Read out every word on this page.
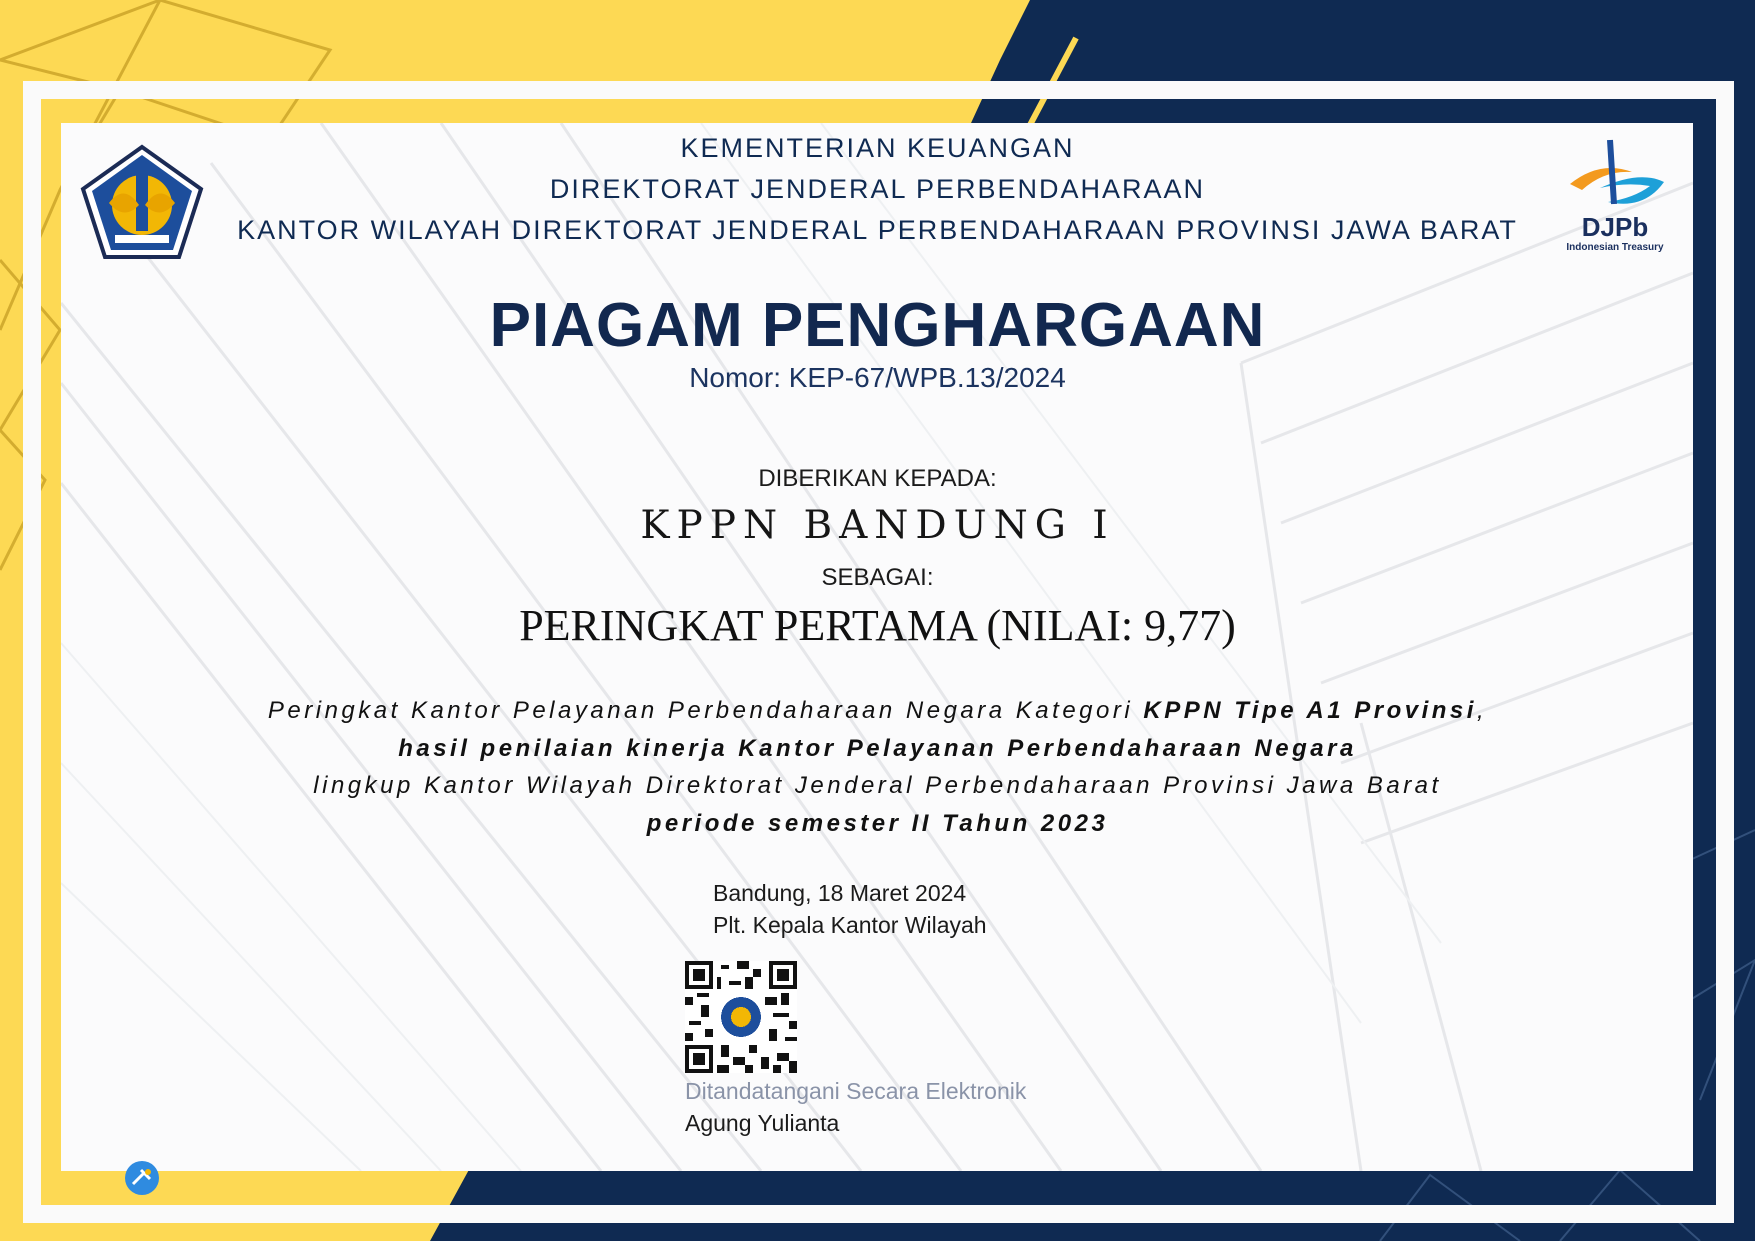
DJPb
Indonesian Treasury
KEMENTERIAN KEUANGAN
DIREKTORAT JENDERAL PERBENDAHARAAN
KANTOR WILAYAH DIREKTORAT JENDERAL PERBENDAHARAAN PROVINSI JAWA BARAT
PIAGAM PENGHARGAAN
Nomor: KEP-67/WPB.13/2024
DIBERIKAN KEPADA:
KPPN BANDUNG I
SEBAGAI:
PERINGKAT PERTAMA (NILAI: 9,77)
Peringkat Kantor Pelayanan Perbendaharaan Negara Kategori KPPN Tipe A1 Provinsi,
hasil penilaian kinerja Kantor Pelayanan Perbendaharaan Negara
lingkup Kantor Wilayah Direktorat Jenderal Perbendaharaan Provinsi Jawa Barat
periode semester II Tahun 2023
Bandung, 18 Maret 2024
Plt. Kepala Kantor Wilayah
Ditandatangani Secara Elektronik
Agung Yulianta
